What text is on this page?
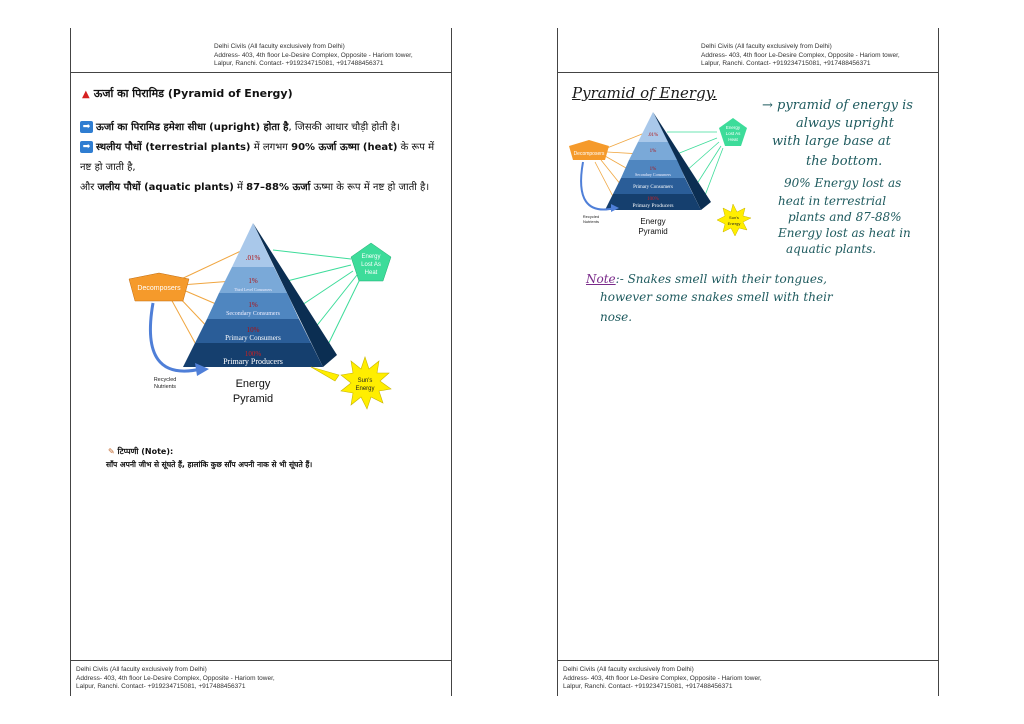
Delhi Civils (All faculty exclusively from Delhi)
Address- 403, 4th floor Le-Desire Complex, Opposite - Hariom tower,
Lalpur, Ranchi. Contact- +919234715081, +917488456371
▲ ऊर्जा का पिरामिड (Pyramid of Energy)
➡ ऊर्जा का पिरामिड हमेशा सीधा (upright) होता है, जिसकी आधार चौड़ी होती है।
➡ स्थलीय पौधों (terrestrial plants) में लगभग 90% ऊर्जा ऊष्मा (heat) के रूप में नष्ट हो जाती है,
और जलीय पौधों (aquatic plants) में 87–88% ऊर्जा ऊष्मा के रूप में नष्ट हो जाती है।
.01%
1%
Third Level Consumers
1%
Secondary Consumers
10%
Primary Consumers
100%
Primary Producers
Decomposers
Energy
Lost As
Heat
Recycled
Nutrients	Energy
Pyramid
Sun's
Energy
✎ टिप्पणी (Note):
साँप अपनी जीभ से सूंघते हैं, हालांकि कुछ साँप अपनी नाक से भी सूंघते हैं।
Delhi Civils (All faculty exclusively from Delhi)
Address- 403, 4th floor Le-Desire Complex, Opposite - Hariom tower,
Lalpur, Ranchi. Contact- +919234715081, +917488456371
Delhi Civils (All faculty exclusively from Delhi)
Address- 403, 4th floor Le-Desire Complex, Opposite - Hariom tower,
Lalpur, Ranchi. Contact- +919234715081, +917488456371
Pyramid of Energy.
.01%
1%
1%
Secondary Consumers
Primary Consumers
100%
Primary Producers
Decomposers
Energy
Lost As
Heat
Recycled
Nutrients	Energy
Pyramid
Sun's
Energy
→ pyramid of energy is
always upright
with large base at
the bottom.
90% Energy lost as
heat in terrestrial
plants and 87-88%
Energy lost as heat in
aquatic plants.
Note:- Snakes smell with their tongues,
however some snakes smell with their
nose.
Delhi Civils (All faculty exclusively from Delhi)
Address- 403, 4th floor Le-Desire Complex, Opposite - Hariom tower,
Lalpur, Ranchi. Contact- +919234715081, +917488456371
